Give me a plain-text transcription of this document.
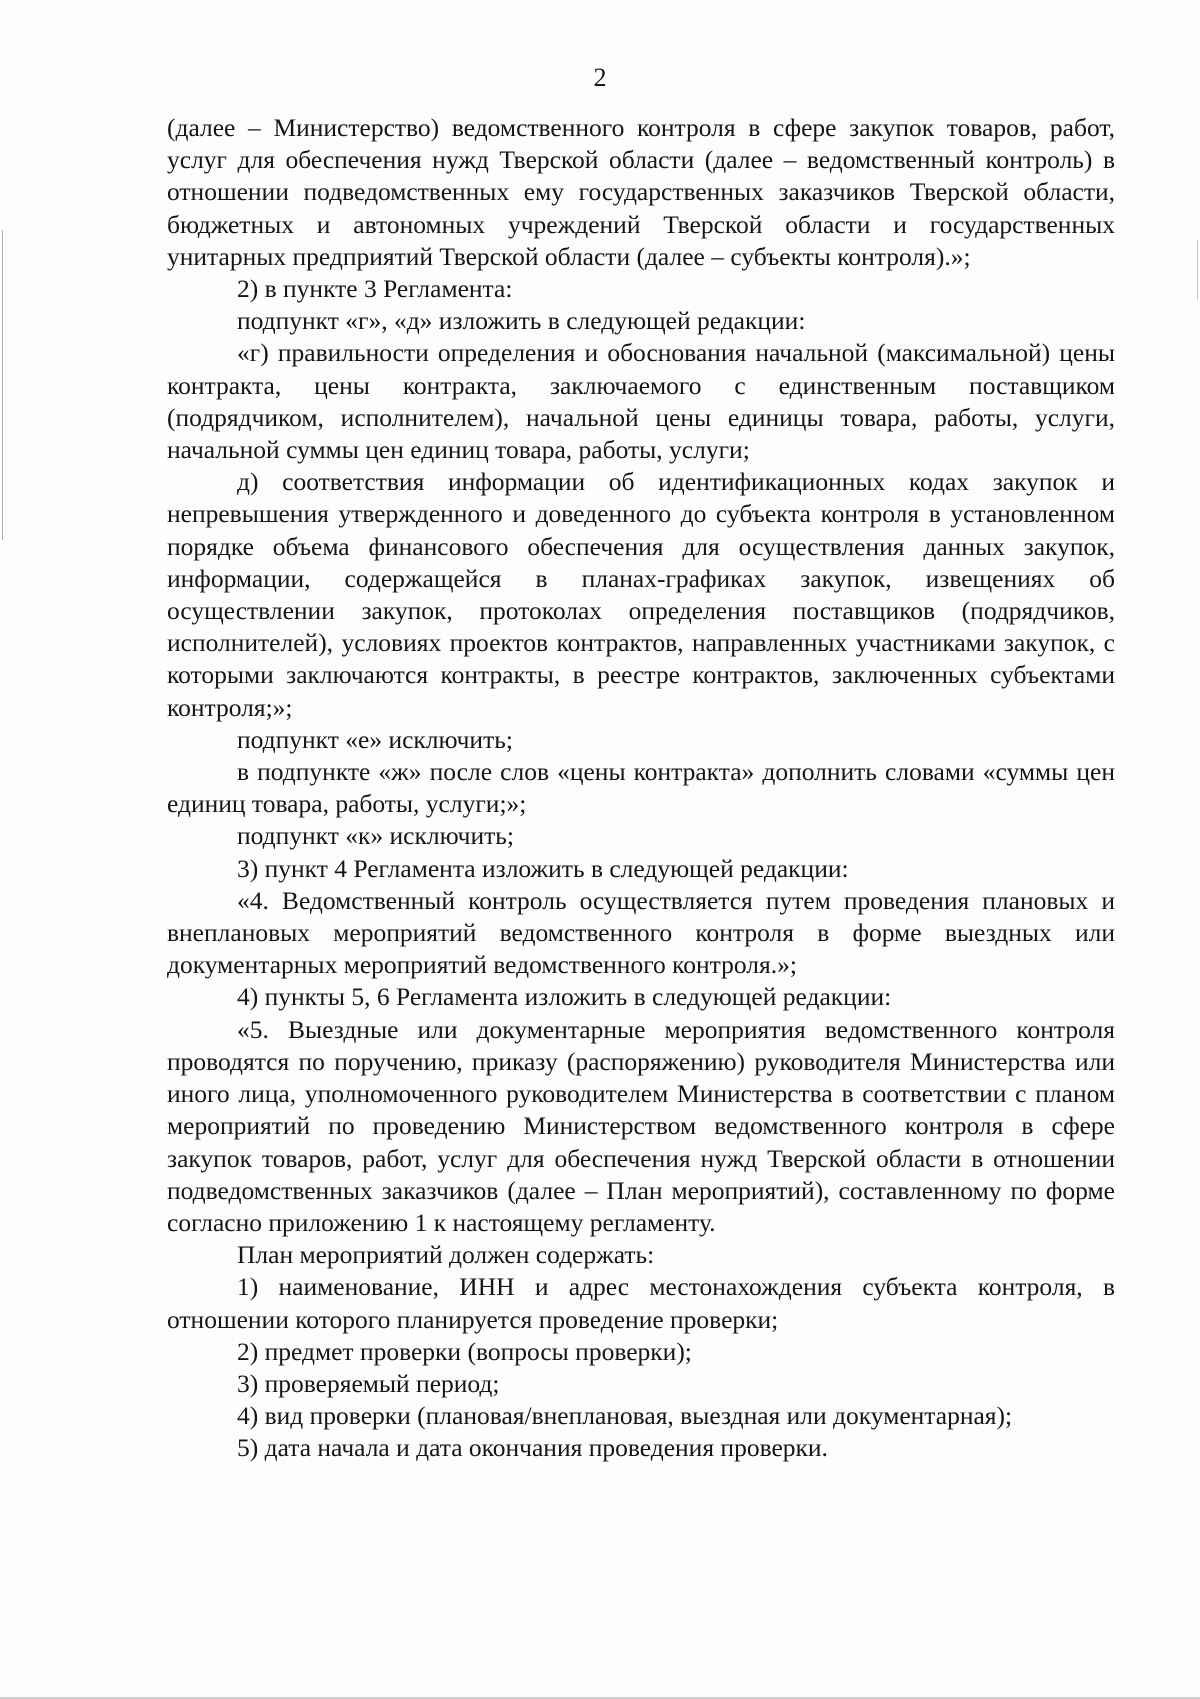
2

(далее – Министерство) ведомственного контроля в сфере закупок товаров, работ, услуг для обеспечения нужд Тверской области (далее – ведомственный контроль) в отношении подведомственных ему государственных заказчиков Тверской области, бюджетных и автономных учреждений Тверской области и государственных унитарных предприятий Тверской области (далее – субъекты контроля).»;

2) в пункте 3 Регламента:

подпункт «г», «д» изложить в следующей редакции:

«г) правильности определения и обоснования начальной (максимальной) цены контракта, цены контракта, заключаемого с единственным поставщиком (подрядчиком, исполнителем), начальной цены единицы товара, работы, услуги, начальной суммы цен единиц товара, работы, услуги;

д) соответствия информации об идентификационных кодах закупок и непревышения утвержденного и доведенного до субъекта контроля в установленном порядке объема финансового обеспечения для осуществления данных закупок, информации, содержащейся в планах-графиках закупок, извещениях об осуществлении закупок, протоколах определения поставщиков (подрядчиков, исполнителей), условиях проектов контрактов, направленных участниками закупок, с которыми заключаются контракты, в реестре контрактов, заключенных субъектами контроля;»;

подпункт «е» исключить;

в подпункте «ж» после слов «цены контракта» дополнить словами «суммы цен единиц товара, работы, услуги;»;

подпункт «к» исключить;

3) пункт 4 Регламента изложить в следующей редакции:

«4. Ведомственный контроль осуществляется путем проведения плановых и внеплановых мероприятий ведомственного контроля в форме выездных или документарных мероприятий ведомственного контроля.»;

4) пункты 5, 6 Регламента изложить в следующей редакции:

«5. Выездные или документарные мероприятия ведомственного контроля проводятся по поручению, приказу (распоряжению) руководителя Министерства или иного лица, уполномоченного руководителем Министерства в соответствии с планом мероприятий по проведению Министерством ведомственного контроля в сфере закупок товаров, работ, услуг для обеспечения нужд Тверской области в отношении подведомственных заказчиков (далее – План мероприятий), составленному по форме согласно приложению 1 к настоящему регламенту.

План мероприятий должен содержать:

1) наименование, ИНН и адрес местонахождения субъекта контроля, в отношении которого планируется проведение проверки;

2) предмет проверки (вопросы проверки);

3) проверяемый период;

4) вид проверки (плановая/внеплановая, выездная или документарная);

5) дата начала и дата окончания проведения проверки.
